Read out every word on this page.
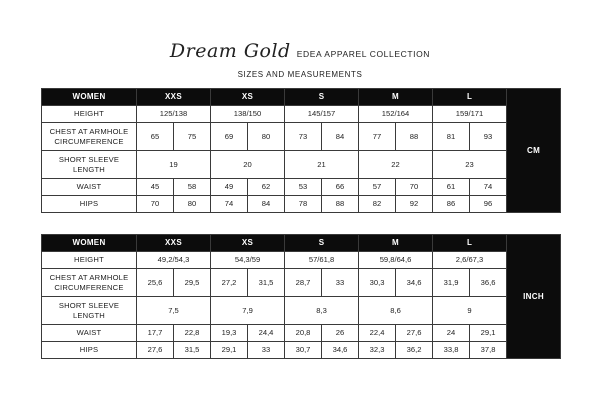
Dream Gold EDEA APPAREL COLLECTION
SIZES AND MEASUREMENTS
WOMEN	XXS		XS		S		M		L		CM
HEIGHT	125/138		138/150		145/157		152/164		159/171		
CHEST AT ARMHOLE
CIRCUMFERENCE	65	75	69	80	73	84	77	88	81	93	
SHORT SLEEVE
LENGTH	19		20		21		22		23		
WAIST	45	58	49	62	53	66	57	70	61	74	
HIPS	70	80	74	84	78	88	82	92	86	96	
WOMEN	XXS		XS		S		M		L		INCH
HEIGHT	49,2/54,3		54,3/59		57/61,8		59,8/64,6		2,6/67,3		
CHEST AT ARMHOLE
CIRCUMFERENCE	25,6	29,5	27,2	31,5	28,7	33	30,3	34,6	31,9	36,6	
SHORT SLEEVE
LENGTH	7,5		7,9		8,3		8,6		9		
WAIST	17,7	22,8	19,3	24,4	20,8	26	22,4	27,6	24	29,1	
HIPS	27,6	31,5	29,1	33	30,7	34,6	32,3	36,2	33,8	37,8	
